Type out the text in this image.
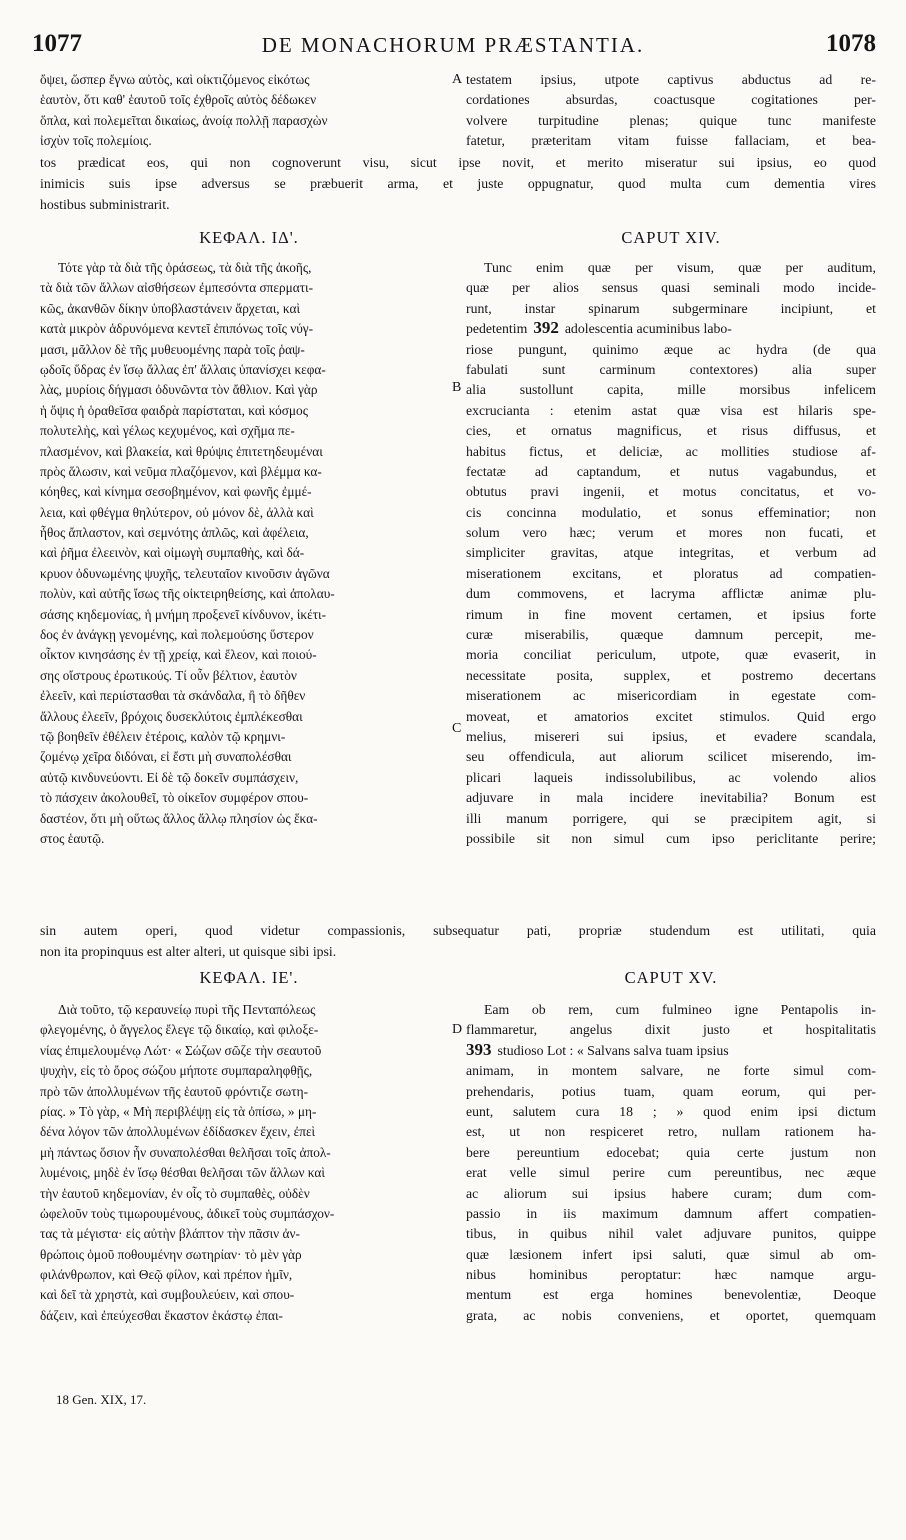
1077	DE MONACHORUM PRÆSTANTIA.	1078
ὄψει, ὥσπερ ἔγνω αὐτὸς, καὶ οἰκτιζόμενος εἰκότως
ἑαυτὸν, ὅτι καθ' ἑαυτοῦ τοῖς ἐχθροῖς αὐτὸς δέδωκεν
ὅπλα, καὶ πολεμεῖται δικαίως, ἀνοίᾳ πολλῇ παρασχὼν
ἰσχὺν τοῖς πολεμίοις.
A testatem ipsius, utpote captivus abductus ad re-
cordationes absurdas, coactusque cogitationes per-
volvere turpitudine plenas; quique tunc manifeste
fatetur, præteritam vitam fuisse fallaciam, et bea-
tos prædicat eos, qui non cognoverunt visu, sicut ipse novit, et merito miseratur sui ipsius, eo quod
inimicis suis ipse adversus se præbuerit arma, et juste oppugnatur, quod multa cum dementia vires
hostibus subministrarit.
ΚΕΦΑΛ. ΙΔ'.	CAPUT XIV.
Τότε γὰρ τὰ διὰ τῆς ὁράσεως, τὰ διὰ τῆς ἀκοῆς,
τὰ διὰ τῶν ἄλλων αἰσθήσεων ἐμπεσόντα σπερματι-
κῶς, ἀκανθῶν δίκην ὑποβλαστάνειν ἄρχεται, καὶ
κατὰ μικρὸν ἁδρυνόμενα κεντεῖ ἐπιπόνως τοῖς νύγ-
μασι, μᾶλλον δὲ τῆς μυθευομένης παρὰ τοῖς ῥαψ-
ῳδοῖς ὕδρας ἐν ἴσῳ ἄλλας ἐπ' ἄλλαις ὑπανίσχει κεφα-
λὰς, μυρίοις δήγμασι ὀδυνῶντα τὸν ἄθλιον. Καὶ γὰρ
ἡ ὄψις ἡ ὁραθεῖσα φαιδρὰ παρίσταται, καὶ κόσμος
πολυτελὴς, καὶ γέλως κεχυμένος, καὶ σχῆμα πε-
πλασμένον, καὶ βλακεία, καὶ θρύψις ἐπιτετηδευμέναι
πρὸς ἅλωσιν, καὶ νεῦμα πλαζόμενον, καὶ βλέμμα κα-
κόηθες, καὶ κίνημα σεσοβημένον, καὶ φωνῆς ἐμμέ-
λεια, καὶ φθέγμα θηλύτερον, οὐ μόνον δὲ, ἀλλὰ καὶ
ἦθος ἄπλαστον, καὶ σεμνότης ἁπλῶς, καὶ ἀφέλεια,
καὶ ῥῆμα ἐλεεινὸν, καὶ οἰμωγὴ συμπαθὴς, καὶ δά-
κρυον ὀδυνωμένης ψυχῆς, τελευταῖον κινοῦσιν ἀγῶνα
πολὺν, καὶ αὐτῆς ἴσως τῆς οἰκτειρηθείσης, καὶ ἀπολαυ-
σάσης κηδεμονίας, ἡ μνήμη προξενεῖ κίνδυνον, ἱκέτι-
δος ἐν ἀνάγκῃ γενομένης, καὶ πολεμούσης ὕστερον
οἶκτον κινησάσης ἐν τῇ χρείᾳ, καὶ ἔλεον, καὶ ποιού-
σης οἴστρους ἐρωτικούς. Τί οὖν βέλτιον, ἑαυτὸν
ἐλεεῖν, καὶ περιίστασθαι τὰ σκάνδαλα, ἢ τὸ δῆθεν
ἄλλους ἐλεεῖν, βρόχοις δυσεκλύτοις ἐμπλέκεσθαι
τῷ βοηθεῖν ἐθέλειν ἑτέροις, καλὸν τῷ κρημνι-
ζομένῳ χεῖρα διδόναι, εἰ ἔστι μὴ συναπολέσθαι
αὐτῷ κινδυνεύοντι. Εἰ δὲ τῷ δοκεῖν συμπάσχειν,
τὸ πάσχειν ἀκολουθεῖ, τὸ οἰκεῖον συμφέρον σπου-
δαστέον, ὅτι μὴ οὕτως ἄλλος ἄλλῳ πλησίον ὡς ἕκα-
στος ἑαυτῷ.
B
C
Tunc enim quæ per visum, quæ per auditum,
quæ per alios sensus quasi seminali modo incide-
runt, instar spinarum subgerminare incipiunt, et
pedetentim 392 adolescentia acuminibus labo-
riose pungunt, quinimo æque ac hydra (de qua
fabulati sunt carminum contextores) alia super
alia sustollunt capita, mille morsibus infelicem
excrucianta : etenim astat quæ visa est hilaris spe-
cies, et ornatus magnificus, et risus diffusus, et
habitus fictus, et deliciæ, ac mollities studiose af-
fectatæ ad captandum, et nutus vagabundus, et
obtutus pravi ingenii, et motus concitatus, et vo-
cis concinna modulatio, et sonus effeminatior; non
solum vero hæc; verum et mores non fucati, et
simpliciter gravitas, atque integritas, et verbum ad
miserationem excitans, et ploratus ad compatien-
dum commovens, et lacryma afflictæ animæ plu-
rimum in fine movent certamen, et ipsius forte
curæ miserabilis, quæque damnum percepit, me-
moria conciliat periculum, utpote, quæ evaserit, in
necessitate posita, supplex, et postremo decertans
miserationem ac misericordiam in egestate com-
moveat, et amatorios excitet stimulos. Quid ergo
melius, misereri sui ipsius, et evadere scandala,
seu offendicula, aut aliorum scilicet miserendo, im-
plicari laqueis indissolubilibus, ac volendo alios
adjuvare in mala incidere inevitabilia? Bonum est
illi manum porrigere, qui se præcipitem agit, si
possibile sit non simul cum ipso periclitante perire;
sin autem operi, quod videtur compassionis, subsequatur pati, propriæ studendum est utilitati, quia
non ita propinquus est alter alteri, ut quisque sibi ipsi.
ΚΕΦΑΛ. ΙΕ'.	CAPUT XV.
Διὰ τοῦτο, τῷ κεραυνείῳ πυρὶ τῆς Πενταπόλεως
φλεγομένης, ὁ ἄγγελος ἔλεγε τῷ δικαίῳ, καὶ φιλοξε-
νίας ἐπιμελουμένῳ Λώτ· « Σώζων σῶζε τὴν σεαυτοῦ
ψυχὴν, εἰς τὸ ὄρος σώζου μήποτε συμπαραληφθῇς,
πρὸ τῶν ἀπολλυμένων τῆς ἑαυτοῦ φρόντιζε σωτη-
ρίας. » Τὸ γὰρ, « Μὴ περιβλέψῃ εἰς τὰ ὀπίσω, » μη-
δένα λόγον τῶν ἀπολλυμένων ἐδίδασκεν ἔχειν, ἐπεὶ
μὴ πάντως ὅσιον ἦν συναπολέσθαι θελῆσαι τοῖς ἀπολ-
λυμένοις, μηδὲ ἐν ἴσῳ θέσθαι θελῆσαι τῶν ἄλλων καὶ
τὴν ἑαυτοῦ κηδεμονίαν, ἐν οἷς τὸ συμπαθὲς, οὐδὲν
ὠφελοῦν τοὺς τιμωρουμένους, ἀδικεῖ τοὺς συμπάσχον-
τας τὰ μέγιστα· εἰς αὐτὴν βλάπτον τὴν πᾶσιν ἀν-
θρώποις ὁμοῦ ποθουμένην σωτηρίαν· τὸ μὲν γὰρ
φιλάνθρωπον, καὶ Θεῷ φίλον, καὶ πρέπον ἡμῖν,
καὶ δεῖ τὰ χρηστὰ, καὶ συμβουλεύειν, καὶ σπου-
δάζειν, καὶ ἐπεύχεσθαι ἕκαστον ἑκάστῳ ἐπαι-
D
Eam ob rem, cum fulmineo igne Pentapolis in-
flammaretur, angelus dixit justo et hospitalitatis
393 studioso Lot : « Salvans salva tuam ipsius
animam, in montem salvare, ne forte simul com-
prehendaris, potius tuam, quam eorum, qui per-
eunt, salutem cura 18 ; » quod enim ipsi dictum
est, ut non respiceret retro, nullam rationem ha-
bere pereuntium edocebat; quia certe justum non
erat velle simul perire cum pereuntibus, nec æque
ac aliorum sui ipsius habere curam; dum com-
passio in iis maximum damnum affert compatien-
tibus, in quibus nihil valet adjuvare punitos, quippe
quæ læsionem infert ipsi saluti, quæ simul ab om-
nibus hominibus peroptatur: hæc namque argu-
mentum est erga homines benevolentiæ, Deoque
grata, ac nobis conveniens, et oportet, quemquam
18 Gen. XIX, 17.
